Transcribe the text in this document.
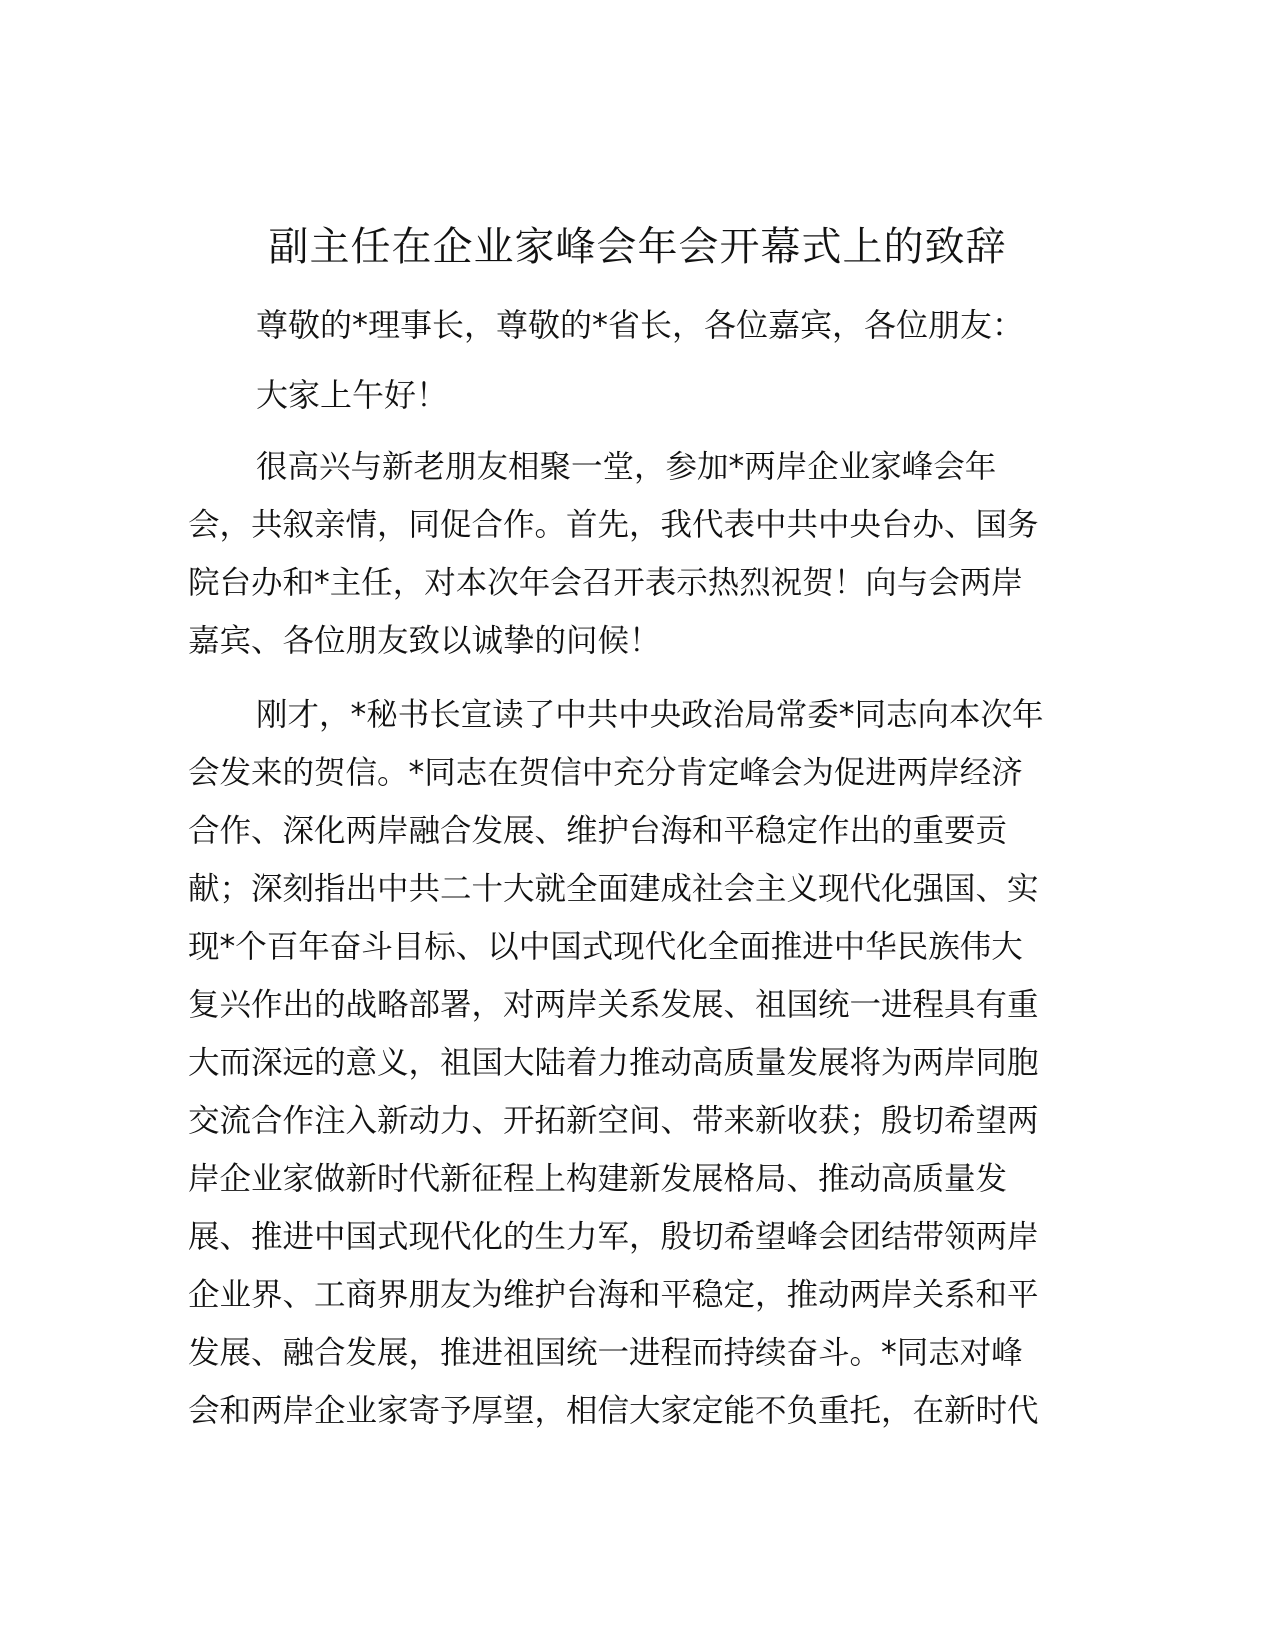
副主任在企业家峰会年会开幕式上的致辞
尊敬的*理事长，尊敬的*省长，各位嘉宾，各位朋友：
大家上午好！
很高兴与新老朋友相聚一堂，参加*两岸企业家峰会年
会，共叙亲情，同促合作。首先，我代表中共中央台办、国务
院台办和*主任，对本次年会召开表示热烈祝贺！向与会两岸
嘉宾、各位朋友致以诚挚的问候！
刚才，*秘书长宣读了中共中央政治局常委*同志向本次年
会发来的贺信。*同志在贺信中充分肯定峰会为促进两岸经济
合作、深化两岸融合发展、维护台海和平稳定作出的重要贡
献；深刻指出中共二十大就全面建成社会主义现代化强国、实
现*个百年奋斗目标、以中国式现代化全面推进中华民族伟大
复兴作出的战略部署，对两岸关系发展、祖国统一进程具有重
大而深远的意义，祖国大陆着力推动高质量发展将为两岸同胞
交流合作注入新动力、开拓新空间、带来新收获；殷切希望两
岸企业家做新时代新征程上构建新发展格局、推动高质量发
展、推进中国式现代化的生力军，殷切希望峰会团结带领两岸
企业界、工商界朋友为维护台海和平稳定，推动两岸关系和平
发展、融合发展，推进祖国统一进程而持续奋斗。*同志对峰
会和两岸企业家寄予厚望，相信大家定能不负重托，在新时代
